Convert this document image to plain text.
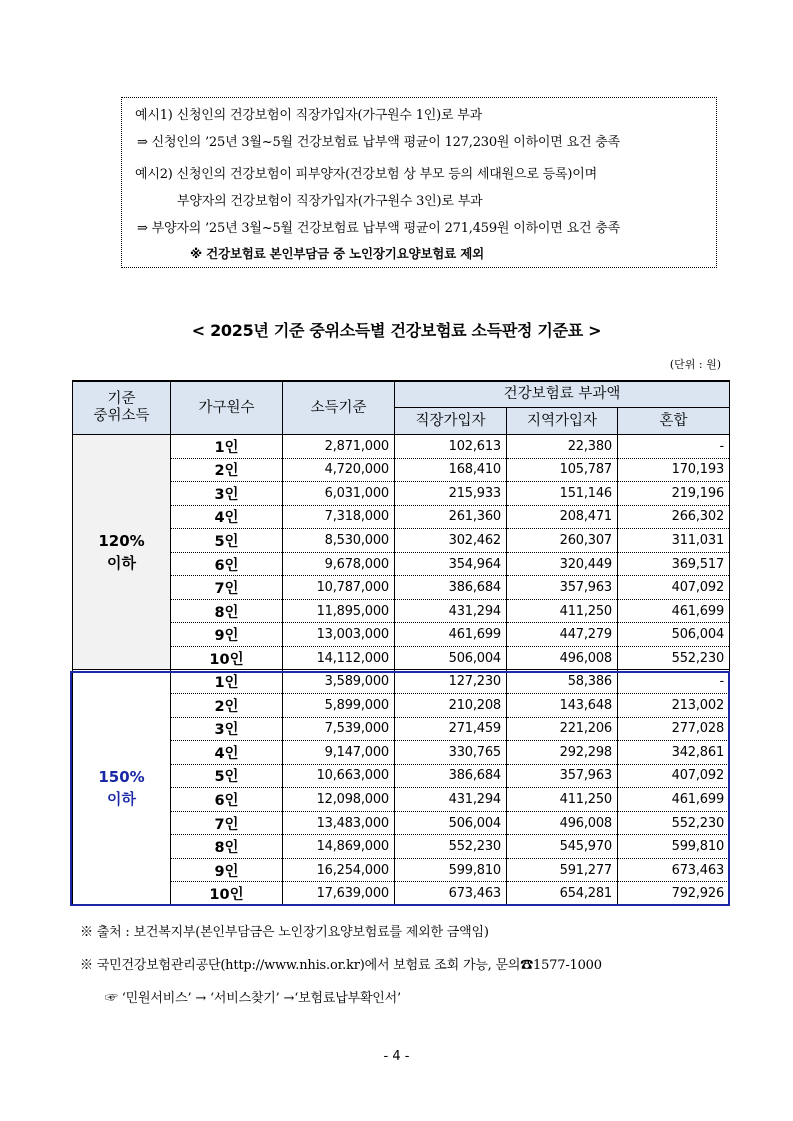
예시1) 신청인의 건강보험이 직장가입자(가구원수 1인)로 부과
⇒ 신청인의 ’25년 3월~5월 건강보험료 납부액 평균이 127,230원 이하이면 요건 충족
예시2) 신청인의 건강보험이 피부양자(건강보험 상 부모 등의 세대원으로 등록)이며
부양자의 건강보험이 직장가입자(가구원수 3인)로 부과
⇒ 부양자의 ’25년 3월~5월 건강보험료 납부액 평균이 271,459원 이하이면 요건 충족
※ 건강보험료 본인부담금 중 노인장기요양보험료 제외
< 2025년 기준 중위소득별 건강보험료 소득판정 기준표 >
(단위 : 원)
기준
중위소득	가구원수	소득기준	건강보험료 부과액		
			직장가입자	지역가입자	혼합
120%
이하	1인	2,871,000	102,613	22,380	-
	2인	4,720,000	168,410	105,787	170,193
	3인	6,031,000	215,933	151,146	219,196
	4인	7,318,000	261,360	208,471	266,302
	5인	8,530,000	302,462	260,307	311,031
	6인	9,678,000	354,964	320,449	369,517
	7인	10,787,000	386,684	357,963	407,092
	8인	11,895,000	431,294	411,250	461,699
	9인	13,003,000	461,699	447,279	506,004
	10인	14,112,000	506,004	496,008	552,230
150%
이하	1인	3,589,000	127,230	58,386	-
	2인	5,899,000	210,208	143,648	213,002
	3인	7,539,000	271,459	221,206	277,028
	4인	9,147,000	330,765	292,298	342,861
	5인	10,663,000	386,684	357,963	407,092
	6인	12,098,000	431,294	411,250	461,699
	7인	13,483,000	506,004	496,008	552,230
	8인	14,869,000	552,230	545,970	599,810
	9인	16,254,000	599,810	591,277	673,463
	10인	17,639,000	673,463	654,281	792,926
※ 출처 : 보건복지부(본인부담금은 노인장기요양보험료를 제외한 금액임)
※ 국민건강보험관리공단(http://www.nhis.or.kr)에서 보험료 조회 가능, 문의☎1577-1000
☞ ‘민원서비스’ → ‘서비스찾기’ →‘보험료납부확인서’
- 4 -
